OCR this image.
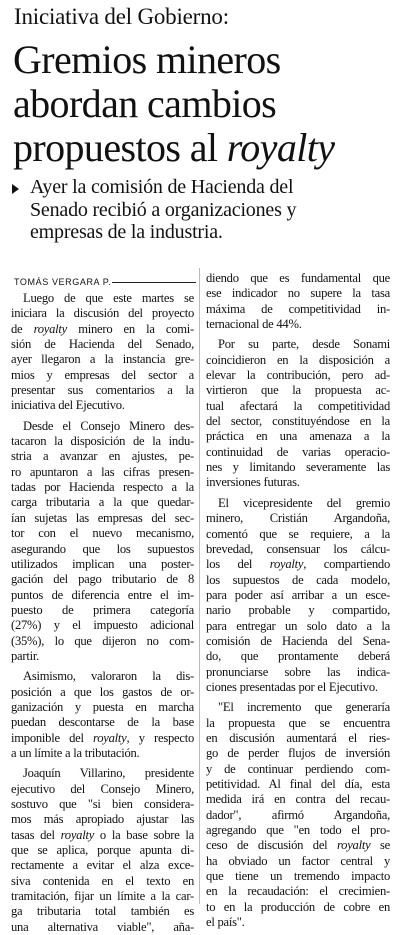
Iniciativa del Gobierno:
Gremios mineros
abordan cambios
propuestos al royalty
Ayer la comisión de Hacienda del
Senado recibió a organizaciones y
empresas de la industria.
TOMÁS VERGARA P.
Luego de que este martes se
iniciara la discusión del proyecto
de royalty minero en la comi-
sión de Hacienda del Senado,
ayer llegaron a la instancia gre-
mios y empresas del sector a
presentar sus comentarios a la
iniciativa del Ejecutivo.
Desde el Consejo Minero des-
tacaron la disposición de la indu-
stria a avanzar en ajustes, pe-
ro apuntaron a las cifras presen-
tadas por Hacienda respecto a la
carga tributaria a la que quedar-
ían sujetas las empresas del sec-
tor con el nuevo mecanismo,
asegurando que los supuestos
utilizados implican una poster-
gación del pago tributario de 8
puntos de diferencia entre el im-
puesto de primera categoría
(27%) y el impuesto adicional
(35%), lo que dijeron no com-
partir.
Asimismo, valoraron la dis-
posición a que los gastos de or-
ganización y puesta en marcha
puedan descontarse de la base
imponible del royalty, y respecto
a un límite a la tributación.
Joaquín Villarino, presidente
ejecutivo del Consejo Minero,
sostuvo que "si bien considera-
mos más apropiado ajustar las
tasas del royalty o la base sobre la
que se aplica, porque apunta di-
rectamente a evitar el alza exce-
siva contenida en el texto en
tramitación, fijar un límite a la car-
ga tributaria total también es
una alternativa viable", aña-
diendo que es fundamental que
ese indicador no supere la tasa
máxima de competitividad in-
ternacional de 44%.
Por su parte, desde Sonami
coincidieron en la disposición a
elevar la contribución, pero ad-
virtieron que la propuesta ac-
tual afectará la competitividad
del sector, constituyéndose en la
práctica en una amenaza a la
continuidad de varias operacio-
nes y limitando severamente las
inversiones futuras.
El vicepresidente del gremio
minero, Cristián Argandoña,
comentó que se requiere, a la
brevedad, consensuar los cálcu-
los del royalty, compartiendo
los supuestos de cada modelo,
para poder así arribar a un esce-
nario probable y compartido,
para entregar un solo dato a la
comisión de Hacienda del Sena-
do, que prontamente deberá
pronunciarse sobre las indica-
ciones presentadas por el Ejecutivo.
"El incremento que generaría
la propuesta que se encuentra
en discusión aumentará el ries-
go de perder flujos de inversión
y de continuar perdiendo com-
petitividad. Al final del día, esta
medida irá en contra del recau-
dador", afirmó Argandoña,
agregando que "en todo el pro-
ceso de discusión del royalty se
ha obviado un factor central y
que tiene un tremendo impacto
en la recaudación: el crecimien-
to en la producción de cobre en
el país".
